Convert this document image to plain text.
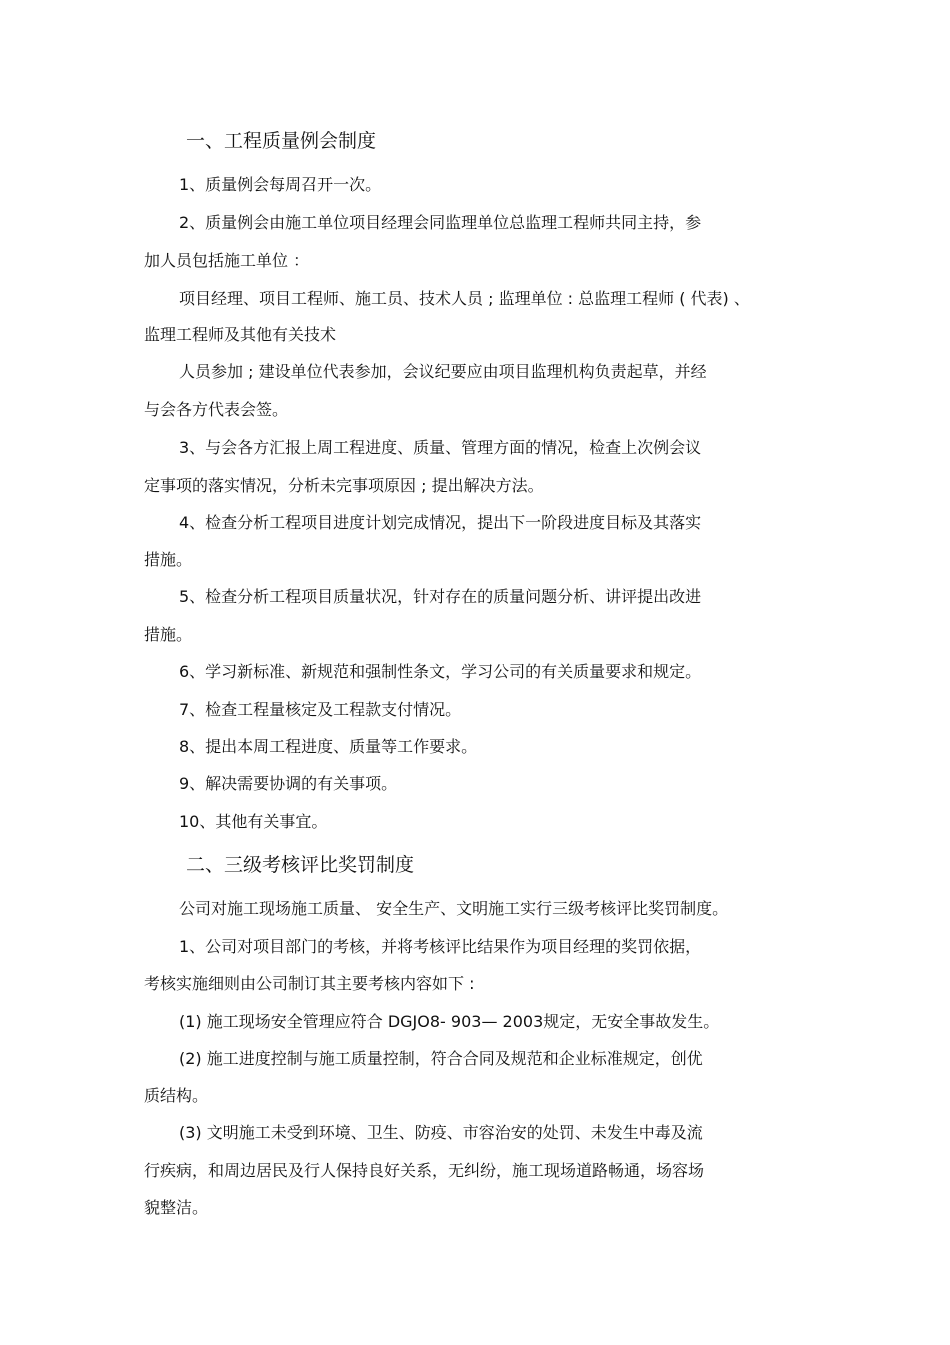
一、工程质量例会制度
1、质量例会每周召开一次。
2、质量例会由施工单位项目经理会同监理单位总监理工程师共同主持，参
加人员包括施工单位 ：
项目经理、项目工程师、施工员、技术人员 ; 监理单位 : 总监理工程师 ( 代表) 、
监理工程师及其他有关技术
人员参加 ; 建设单位代表参加，会议纪要应由项目监理机构负责起草，并经
与会各方代表会签。
3、与会各方汇报上周工程进度、质量、管理方面的情况，检查上次例会议
定事项的落实情况，分析未完事项原因 ; 提出解决方法。
4、检查分析工程项目进度计划完成情况，提出下一阶段进度目标及其落实
措施。
5、检查分析工程项目质量状况，针对存在的质量问题分析、讲评提出改进
措施。
6、学习新标准、新规范和强制性条文，学习公司的有关质量要求和规定。
7、检查工程量核定及工程款支付情况。
8、提出本周工程进度、质量等工作要求。
9、解决需要协调的有关事项。
10、其他有关事宜。
二、三级考核评比奖罚制度
公司对施工现场施工质量、 安全生产、文明施工实行三级考核评比奖罚制度。
1、公司对项目部门的考核，并将考核评比结果作为项目经理的奖罚依据，
考核实施细则由公司制订其主要考核内容如下 :
(1) 施工现场安全管理应符合 DGJO8- 903— 2003规定，无安全事故发生。
(2) 施工进度控制与施工质量控制，符合合同及规范和企业标准规定，创优
质结构。
(3) 文明施工未受到环境、卫生、防疫、市容治安的处罚、未发生中毒及流
行疾病，和周边居民及行人保持良好关系，无纠纷，施工现场道路畅通，场容场
貌整洁。
